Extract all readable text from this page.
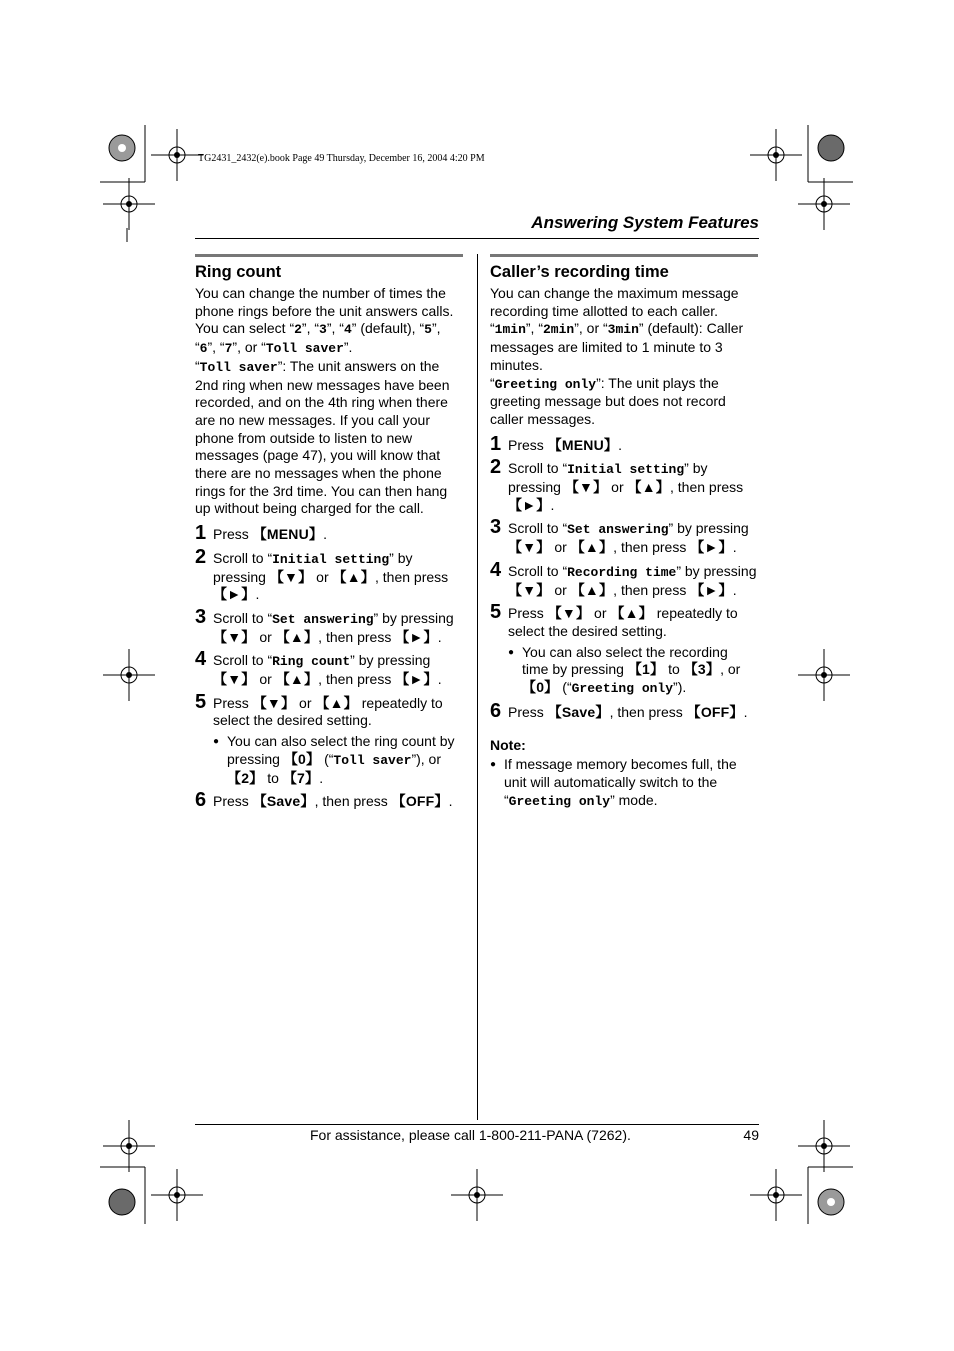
TG2431_2432(e).book Page 49 Thursday, December 16, 2004 4:20 PM
Answering System Features
Ring count

You can change the number of times the phone rings before the unit answers calls. You can select “2”, “3”, “4” (default), “5”, “6”, “7”, or “Toll saver”.

“Toll saver”: The unit answers on the 2nd ring when new messages have been recorded, and on the 4th ring when there are no new messages. If you call your phone from outside to listen to new messages (page 47), you will know that there are no messages when the phone rings for the 3rd time. You can then hang up without being charged for the call.

1 Press 【MENU】.
2 Scroll to “Initial setting” by pressing 【▼】 or 【▲】, then press 【►】.
3 Scroll to “Set answering” by pressing 【▼】 or 【▲】, then press 【►】.
4 Scroll to “Ring count” by pressing 【▼】 or 【▲】, then press 【►】.
5 Press 【▼】 or 【▲】 repeatedly to select the desired setting.
● You can also select the ring count by pressing 【0】 (“Toll saver”), or 【2】 to 【7】.
6 Press 【Save】, then press 【OFF】.
Caller’s recording time

You can change the maximum message recording time allotted to each caller.

“1min”, “2min”, or “3min” (default): Caller messages are limited to 1 minute to 3 minutes.

“Greeting only”: The unit plays the greeting message but does not record caller messages.

1 Press 【MENU】.
2 Scroll to “Initial setting” by pressing 【▼】 or 【▲】, then press 【►】.
3 Scroll to “Set answering” by pressing 【▼】 or 【▲】, then press 【►】.
4 Scroll to “Recording time” by pressing 【▼】 or 【▲】, then press 【►】.
5 Press 【▼】 or 【▲】 repeatedly to select the desired setting.
● You can also select the recording time by pressing 【1】 to 【3】, or 【0】 (“Greeting only”).
6 Press 【Save】, then press 【OFF】.
Note:
● If message memory becomes full, the unit will automatically switch to the “Greeting only” mode.
For assistance, please call 1-800-211-PANA (7262).	49
